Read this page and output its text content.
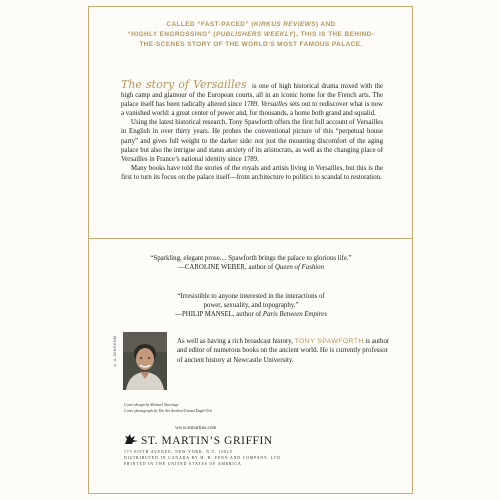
CALLED “FAST-PACED” (KIRKUS REVIEWS) AND
“HIGHLY ENGROSSING” (PUBLISHERS WEEKLY), THIS IS THE BEHIND-
THE-SCENES STORY OF THE WORLD’S MOST FAMOUS PALACE.

The story of Versailles is one of high historical drama mixed with the high camp and glamour of the European courts, all in an iconic home for the French arts. The palace itself has been radically altered since 1789. Versailles sets out to rediscover what is now a vanished world: a great center of power and, for thousands, a home both grand and squalid.

Using the latest historical research, Tony Spawforth offers the first full account of Versailles in English in over thirty years. He probes the conventional picture of this “perpetual house party” and gives full weight to the darker side: not just the mounting discomfort of the aging palace but also the intrigue and status anxiety of its aristocrats, as well as the changing place of Versailles in France’s national identity since 1789.

Many books have told the stories of the royals and artists living in Versailles, but this is the first to turn its focus on the palace itself—from architecture to politics to scandal to restoration.

“Sparkling, elegant prose.... Spawforth brings the palace to glorious life.”
—CAROLINE WEBER, author of Queen of Fashion
“Irresistible to anyone interested in the interactions of
power, sexuality, and topography.”
—PHILIP MANSEL, author of Paris Between Empires
© A. BINGHAM	As well as having a rich broadcast history, TONY SPAWFORTH is author and editor of numerous books on the ancient world. He is currently professor of ancient history at Newcastle University.
Cover design by Michael Storrings
Cover photograph by The Art Archive/Gianni Dagli Orti
www.stmartins.com
ST. MARTIN’S GRIFFIN
175 FIFTH AVENUE, NEW YORK, N.Y. 10010
DISTRIBUTED IN CANADA BY H. B. FENN AND COMPANY, LTD.
PRINTED IN THE UNITED STATES OF AMERICA
